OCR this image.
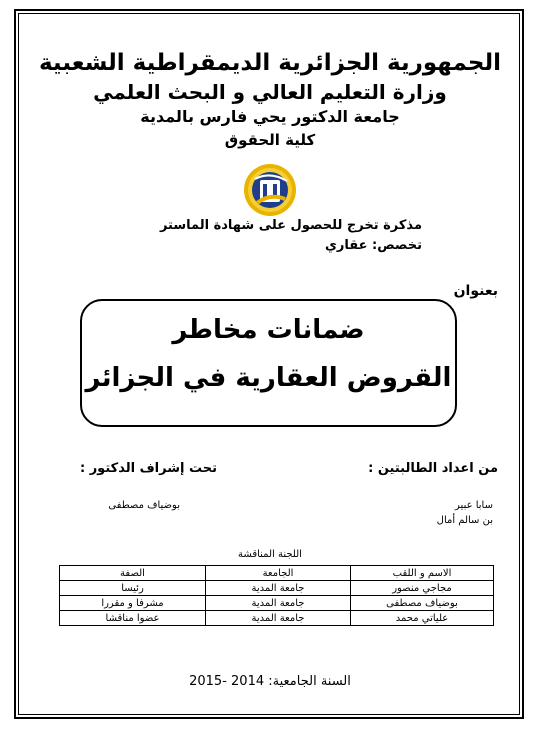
الجمهورية الجزائرية الديمقراطية الشعبية
وزارة التعليم العالي و البحث العلمي
جامعة الدكتور يحي فارس بالمدية
كلية الحقوق
مذكرة تخرج للحصول على شهادة الماستر
تخصص: عقاري
بعنوان
ضمانات مخاطر
القروض العقارية في الجزائر
من اعداد الطالبتين :
تحت إشراف الدكتور :
سابا عبير
بن سالم أمال
بوضياف مصطفى
اللجنة المناقشة
الاسم و اللقب	الجامعة	الصفة
مجاجي منصور	جامعة المدية	رئيسا
بوضياف مصطفى	جامعة المدية	مشرفا و مقررا
علياتي محمد	جامعة المدية	عضوا مناقشا
السنة الجامعية: 2014 -2015
